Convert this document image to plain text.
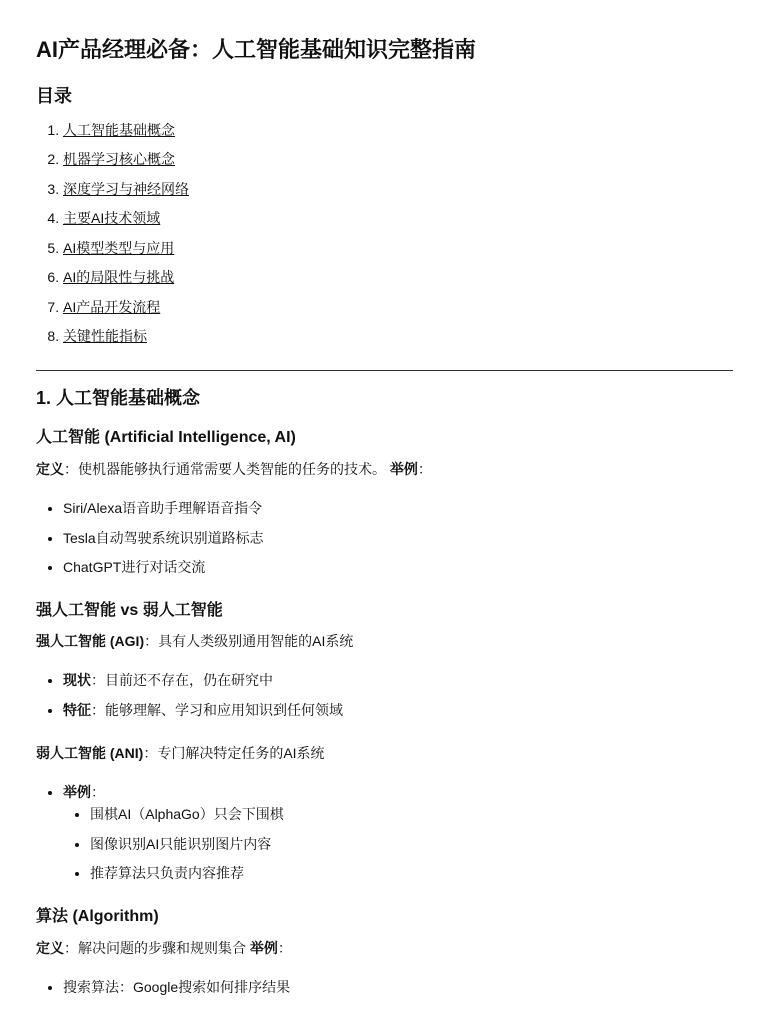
AI产品经理必备：人工智能基础知识完整指南
目录
1. 人工智能基础概念
2. 机器学习核心概念
3. 深度学习与神经网络
4. 主要AI技术领域
5. AI模型类型与应用
6. AI的局限性与挑战
7. AI产品开发流程
8. 关键性能指标
1. 人工智能基础概念
人工智能 (Artificial Intelligence, AI)

定义：使机器能够执行通常需要人类智能的任务的技术。 举例：

• Siri/Alexa语音助手理解语音指令
• Tesla自动驾驶系统识别道路标志
• ChatGPT进行对话交流
强人工智能 vs 弱人工智能

强人工智能 (AGI)：具有人类级别通用智能的AI系统

• 现状：目前还不存在，仍在研究中
• 特征：能够理解、学习和应用知识到任何领域

弱人工智能 (ANI)：专门解决特定任务的AI系统

• 举例：
• 围棋AI（AlphaGo）只会下围棋
• 图像识别AI只能识别图片内容
• 推荐算法只负责内容推荐
算法 (Algorithm)

定义：解决问题的步骤和规则集合 举例：

• 搜索算法：Google搜索如何排序结果
